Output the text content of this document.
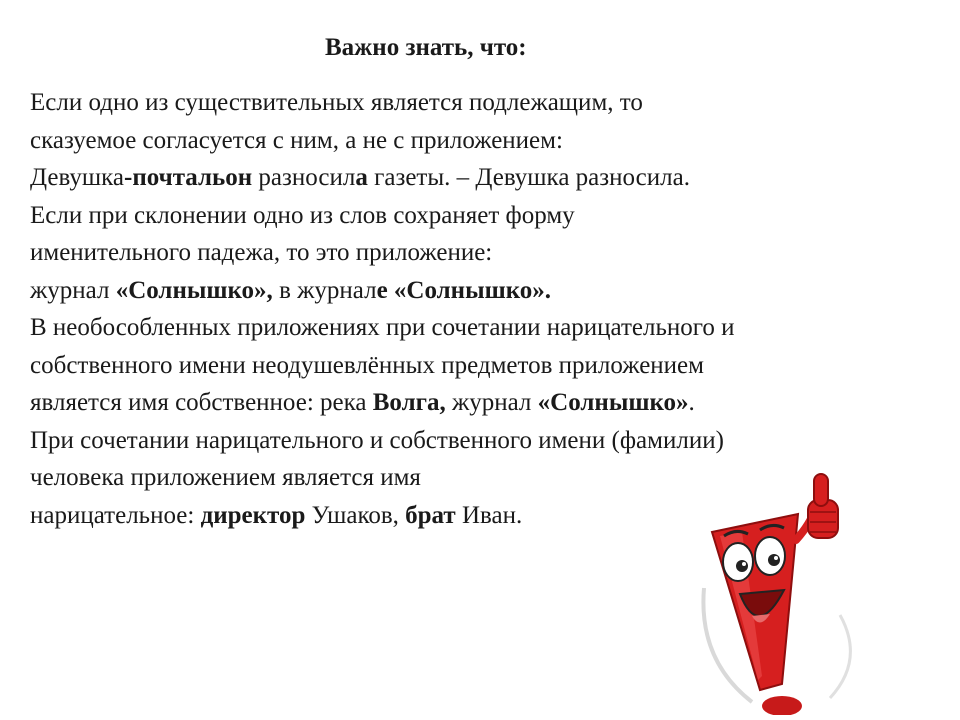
Важно знать, что:
Если одно из существительных является подлежащим, то
сказуемое согласуется с ним, а не с приложением:
Девушка-почтальон разносила газеты. – Девушка разносила.
Если при склонении одно из слов сохраняет форму
именительного падежа, то это приложение:
журнал «Солнышко», в журнале «Солнышко».
В необособленных приложениях при сочетании нарицательного и
собственного имени неодушевлённых предметов приложением
является имя собственное: река Волга, журнал «Солнышко».
При сочетании нарицательного и собственного имени (фамилии)
человека приложением является имя
нарицательное: директор Ушаков, брат Иван.
